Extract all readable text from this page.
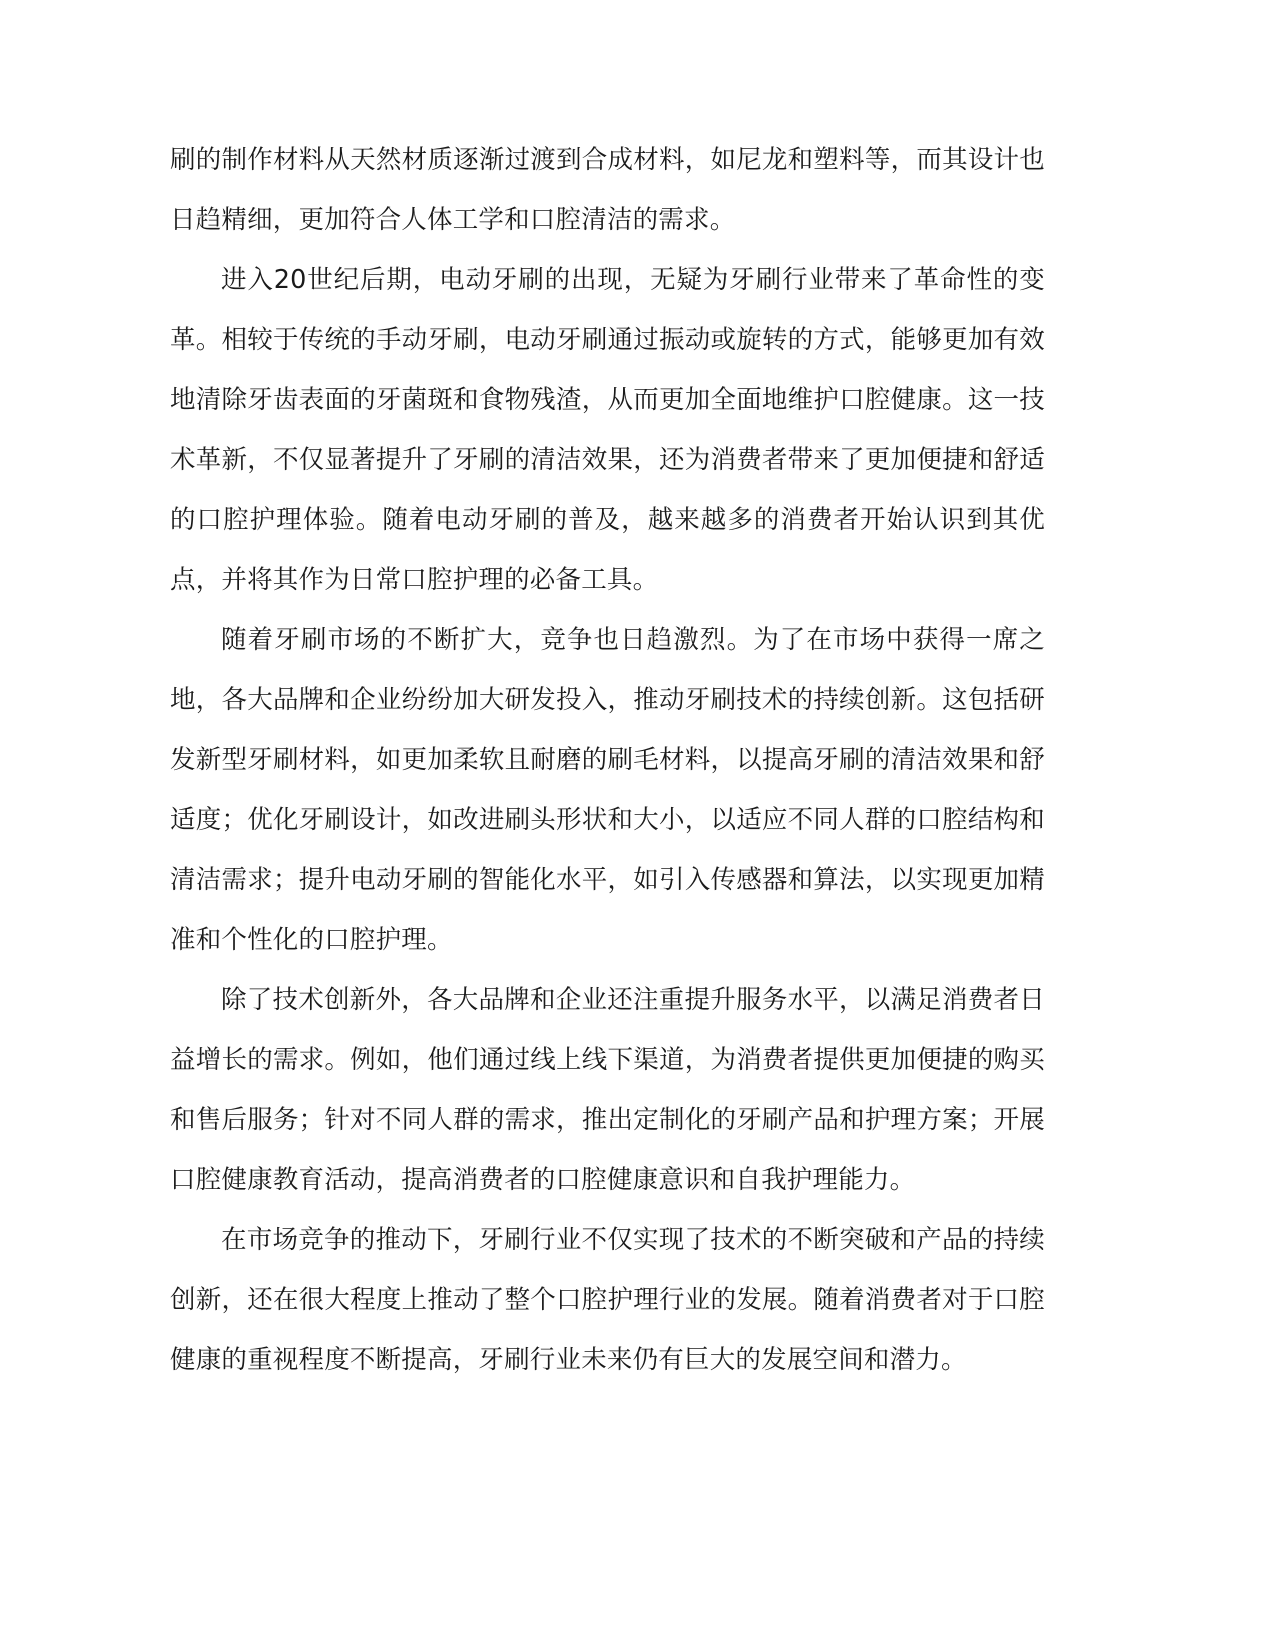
刷的制作材料从天然材质逐渐过渡到合成材料，如尼龙和塑料等，而其设计也日趋精细，更加符合人体工学和口腔清洁的需求。

进入20世纪后期，电动牙刷的出现，无疑为牙刷行业带来了革命性的变革。相较于传统的手动牙刷，电动牙刷通过振动或旋转的方式，能够更加有效地清除牙齿表面的牙菌斑和食物残渣，从而更加全面地维护口腔健康。这一技术革新，不仅显著提升了牙刷的清洁效果，还为消费者带来了更加便捷和舒适的口腔护理体验。随着电动牙刷的普及，越来越多的消费者开始认识到其优点，并将其作为日常口腔护理的必备工具。

随着牙刷市场的不断扩大，竞争也日趋激烈。为了在市场中获得一席之地，各大品牌和企业纷纷加大研发投入，推动牙刷技术的持续创新。这包括研发新型牙刷材料，如更加柔软且耐磨的刷毛材料，以提高牙刷的清洁效果和舒适度；优化牙刷设计，如改进刷头形状和大小，以适应不同人群的口腔结构和清洁需求；提升电动牙刷的智能化水平，如引入传感器和算法，以实现更加精准和个性化的口腔护理。

除了技术创新外，各大品牌和企业还注重提升服务水平，以满足消费者日益增长的需求。例如，他们通过线上线下渠道，为消费者提供更加便捷的购买和售后服务；针对不同人群的需求，推出定制化的牙刷产品和护理方案；开展口腔健康教育活动，提高消费者的口腔健康意识和自我护理能力。

在市场竞争的推动下，牙刷行业不仅实现了技术的不断突破和产品的持续创新，还在很大程度上推动了整个口腔护理行业的发展。随着消费者对于口腔健康的重视程度不断提高，牙刷行业未来仍有巨大的发展空间和潜力。
